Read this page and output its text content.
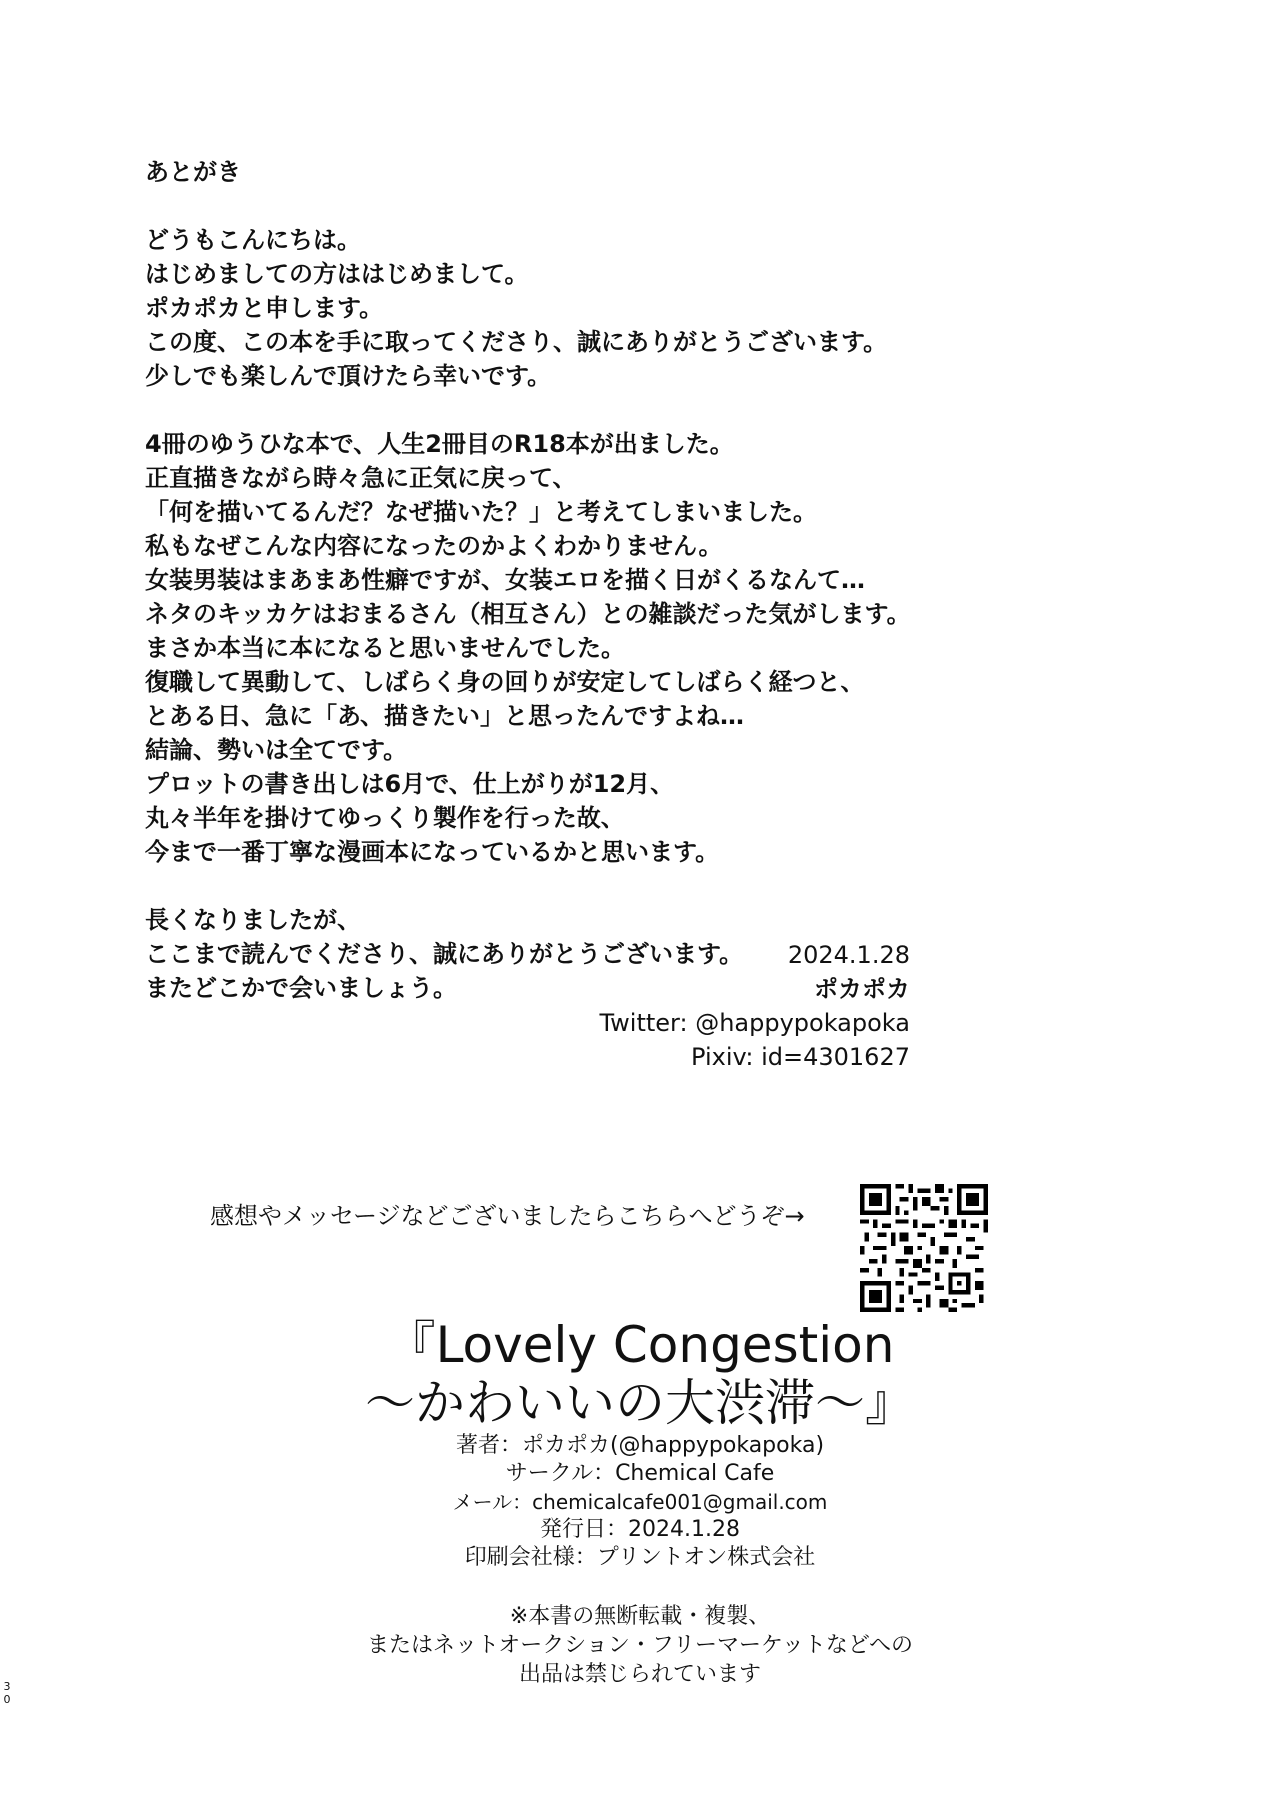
あとがき
どうもこんにちは。
はじめましての方ははじめまして。
ポカポカと申します。
この度、この本を手に取ってくださり、誠にありがとうございます。
少しでも楽しんで頂けたら幸いです。
4冊のゆうひな本で、人生2冊目のR18本が出ました。
正直描きながら時々急に正気に戻って、
「何を描いてるんだ？なぜ描いた？」と考えてしまいました。
私もなぜこんな内容になったのかよくわかりません。
女装男装はまあまあ性癖ですが、女装エロを描く日がくるなんて…
ネタのキッカケはおまるさん（相互さん）との雑談だった気がします。
まさか本当に本になると思いませんでした。
復職して異動して、しばらく身の回りが安定してしばらく経つと、
とある日、急に「あ、描きたい」と思ったんですよね…
結論、勢いは全てです。
プロットの書き出しは6月で、仕上がりが12月、
丸々半年を掛けてゆっくり製作を行った故、
今まで一番丁寧な漫画本になっているかと思います。
長くなりましたが、
ここまで読んでくださり、誠にありがとうございます。
またどこかで会いましょう。
2024.1.28
ポカポカ
Twitter: @happypokapoka
Pixiv: id=4301627
感想やメッセージなどございましたらこちらへどうぞ→
『Lovely Congestion
～かわいいの大渋滞～』
著者：ポカポカ(@happypokapoka)
サークル：Chemical Cafe
メール：chemicalcafe001@gmail.com
発行日：2024.1.28
印刷会社様：プリントオン株式会社
※本書の無断転載・複製、
またはネットオークション・フリーマーケットなどへの
出品は禁じられています
3
0
